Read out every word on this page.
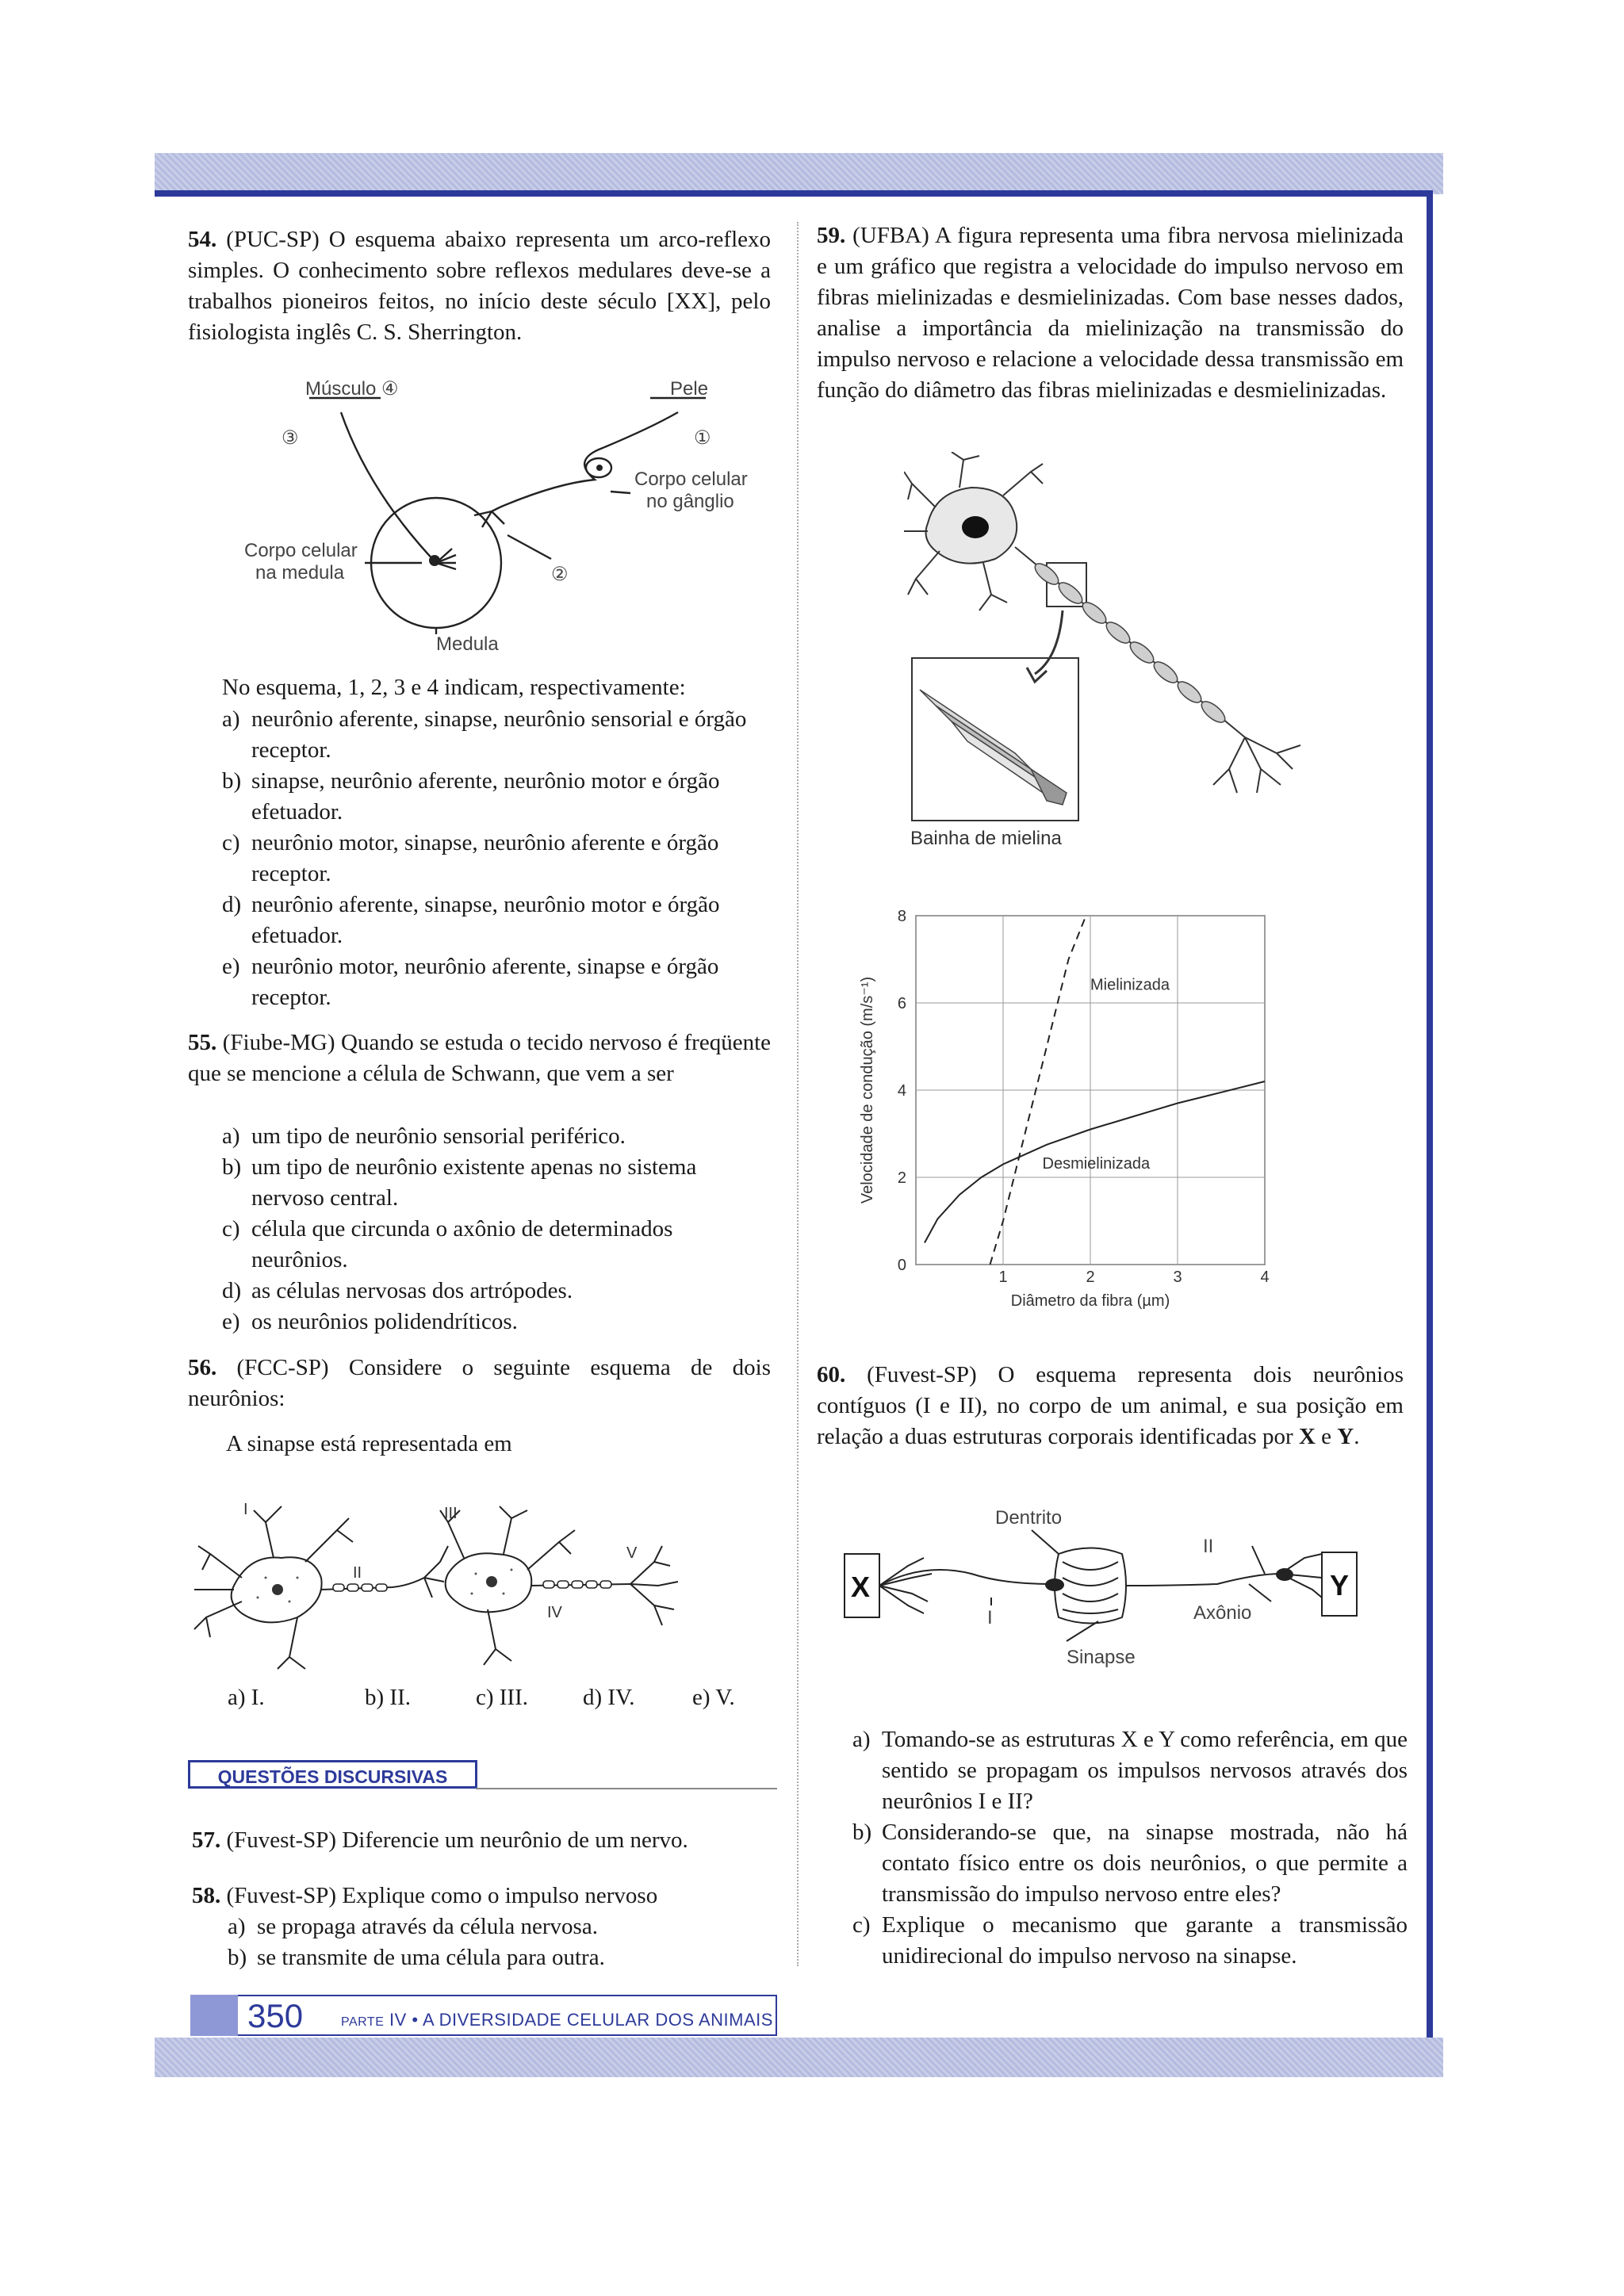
54. (PUC-SP) O esquema abaixo representa um arco-reflexo simples. O conhecimento sobre reflexos medulares deve-se a trabalhos pioneiros feitos, no início deste século [XX], pelo fisiologista inglês C. S. Sherrington.
Músculo ④	Pele
③	①
②
Corpo celular
no gânglio
Corpo celular
na medula
Medula
No esquema, 1, 2, 3 e 4 indicam, respectivamente:
a) neurônio aferente, sinapse, neurônio sensorial e órgão receptor.
b) sinapse, neurônio aferente, neurônio motor e órgão efetuador.
c) neurônio motor, sinapse, neurônio aferente e órgão receptor.
d) neurônio aferente, sinapse, neurônio motor e órgão efetuador.
e) neurônio motor, neurônio aferente, sinapse e órgão receptor.
55. (Fiube-MG) Quando se estuda o tecido nervoso é freqüente que se mencione a célula de Schwann, que vem a ser
a) um tipo de neurônio sensorial periférico.
b) um tipo de neurônio existente apenas no sistema nervoso central.
c) célula que circunda o axônio de determinados neurônios.
d) as células nervosas dos artrópodes.
e) os neurônios polidendríticos.
56. (FCC-SP) Considere o seguinte esquema de dois neurônios:
A sinapse está representada em
I
II
III
IV
V
a) I.	b) II.	c) III. d) IV. e) V.
QUESTÕES DISCURSIVAS
57. (Fuvest-SP) Diferencie um neurônio de um nervo.
58. (Fuvest-SP) Explique como o impulso nervoso
a) se propaga através da célula nervosa.
b) se transmite de uma célula para outra.
350	PARTE IV • A DIVERSIDADE CELULAR DOS ANIMAIS
59. (UFBA) A figura representa uma fibra nervosa mielinizada e um gráfico que registra a velocidade do impulso nervoso em fibras mielinizadas e desmielinizadas. Com base nesses dados, analise a importância da mielinização na transmissão do impulso nervoso e relacione a velocidade dessa transmissão em função do diâmetro das fibras mielinizadas e desmielinizadas.
Bainha de mielina
0
2
4
6
8
1	2	3	4
Diâmetro da fibra (µm)
Velocidade de condução (m/s⁻¹)	Mielinizada
Desmielinizada
60. (Fuvest-SP) O esquema representa dois neurônios contíguos (I e II), no corpo de um animal, e sua posição em relação a duas estruturas corporais identificadas por X e Y.
X	Y
Dentrito
I
II
Axônio
Sinapse
a) Tomando-se as estruturas X e Y como referência, em que sentido se propagam os impulsos nervosos através dos neurônios I e II?
b) Considerando-se que, na sinapse mostrada, não há contato físico entre os dois neurônios, o que permite a transmissão do impulso nervoso entre eles?
c) Explique o mecanismo que garante a transmissão unidirecional do impulso nervoso na sinapse.
